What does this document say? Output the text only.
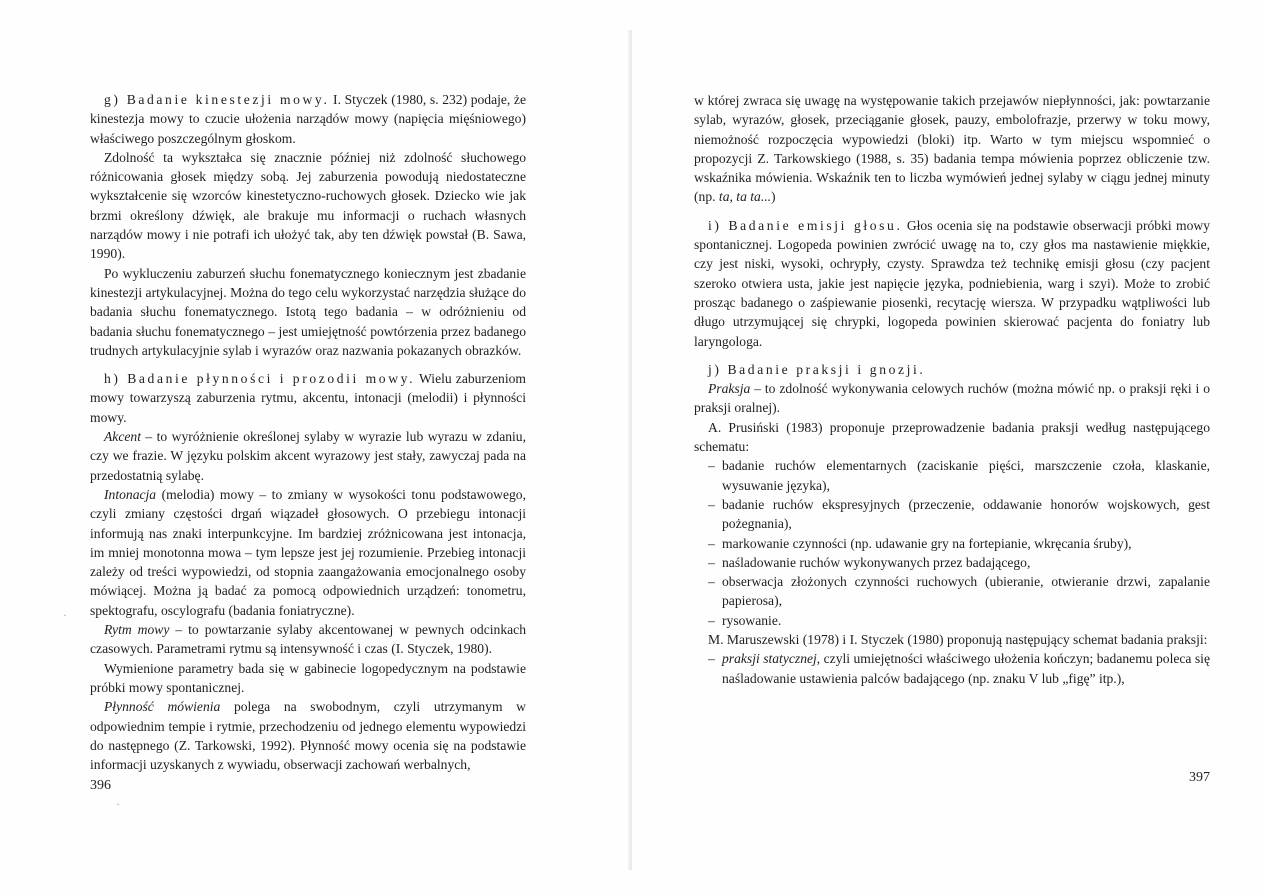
g) Badanie kinestezji mowy. I. Styczek (1980, s. 232) podaje, że kinestezja mowy to czucie ułożenia narządów mowy (napięcia mięśniowego) właściwego poszczególnym głoskom.

Zdolność ta wykształca się znacznie później niż zdolność słuchowego różnicowania głosek między sobą. Jej zaburzenia powodują niedostateczne wykształcenie się wzorców kinestetyczno-ruchowych głosek. Dziecko wie jak brzmi określony dźwięk, ale brakuje mu informacji o ruchach własnych narządów mowy i nie potrafi ich ułożyć tak, aby ten dźwięk powstał (B. Sawa, 1990).

Po wykluczeniu zaburzeń słuchu fonematycznego koniecznym jest zbadanie kinestezji artykulacyjnej. Można do tego celu wykorzystać narzędzia służące do badania słuchu fonematycznego. Istotą tego badania – w odróżnieniu od badania słuchu fonematycznego – jest umiejętność powtórzenia przez badanego trudnych artykulacyjnie sylab i wyrazów oraz nazwania pokazanych obrazków.

h) Badanie płynności i prozodii mowy. Wielu zaburzeniom mowy towarzyszą zaburzenia rytmu, akcentu, intonacji (melodii) i płynności mowy.

Akcent – to wyróżnienie określonej sylaby w wyrazie lub wyrazu w zdaniu, czy we frazie. W języku polskim akcent wyrazowy jest stały, zawyczaj pada na przedostatnią sylabę.

Intonacja (melodia) mowy – to zmiany w wysokości tonu podstawowego, czyli zmiany częstości drgań wiązadeł głosowych. O przebiegu intonacji informują nas znaki interpunkcyjne. Im bardziej zróżnicowana jest intonacja, im mniej monotonna mowa – tym lepsze jest jej rozumienie. Przebieg intonacji zależy od treści wypowiedzi, od stopnia zaangażowania emocjonalnego osoby mówiącej. Można ją badać za pomocą odpowiednich urządzeń: tonometru, spektografu, oscylografu (badania foniatryczne).

Rytm mowy – to powtarzanie sylaby akcentowanej w pewnych odcinkach czasowych. Parametrami rytmu są intensywność i czas (I. Styczek, 1980).

Wymienione parametry bada się w gabinecie logopedycznym na podstawie próbki mowy spontanicznej.

Płynność mówienia polega na swobodnym, czyli utrzymanym w odpowiednim tempie i rytmie, przechodzeniu od jednego elementu wypowiedzi do następnego (Z. Tarkowski, 1992). Płynność mowy ocenia się na podstawie informacji uzyskanych z wywiadu, obserwacji zachowań werbalnych,

·
·
396

w której zwraca się uwagę na występowanie takich przejawów niepłynności, jak: powtarzanie sylab, wyrazów, głosek, przeciąganie głosek, pauzy, embolofrazje, przerwy w toku mowy, niemożność rozpoczęcia wypowiedzi (bloki) itp. Warto w tym miejscu wspomnieć o propozycji Z. Tarkowskiego (1988, s. 35) badania tempa mówienia poprzez obliczenie tzw. wskaźnika mówienia. Wskaźnik ten to liczba wymówień jednej sylaby w ciągu jednej minuty (np. ta, ta ta...)

i) Badanie emisji głosu. Głos ocenia się na podstawie obserwacji próbki mowy spontanicznej. Logopeda powinien zwrócić uwagę na to, czy głos ma nastawienie miękkie, czy jest niski, wysoki, ochrypły, czysty. Sprawdza też technikę emisji głosu (czy pacjent szeroko otwiera usta, jakie jest napięcie języka, podniebienia, warg i szyi). Może to zrobić prosząc badanego o zaśpiewanie piosenki, recytację wiersza. W przypadku wątpliwości lub długo utrzymującej się chrypki, logopeda powinien skierować pacjenta do foniatry lub laryngologa.

j) Badanie praksji i gnozji.

Praksja – to zdolność wykonywania celowych ruchów (można mówić np. o praksji ręki i o praksji oralnej).

A. Prusiński (1983) proponuje przeprowadzenie badania praksji według następującego schematu:

– badanie ruchów elementarnych (zaciskanie pięści, marszczenie czoła, klaskanie, wysuwanie języka),
– badanie ruchów ekspresyjnych (przeczenie, oddawanie honorów wojskowych, gest pożegnania),
– markowanie czynności (np. udawanie gry na fortepianie, wkręcania śruby),
– naśladowanie ruchów wykonywanych przez badającego,
– obserwacja złożonych czynności ruchowych (ubieranie, otwieranie drzwi, zapalanie papierosa),
– rysowanie.

M. Maruszewski (1978) i I. Styczek (1980) proponują następujący schemat badania praksji:

– praksji statycznej, czyli umiejętności właściwego ułożenia kończyn; badanemu poleca się naśladowanie ustawienia palców badającego (np. znaku V lub „figę” itp.),
397
